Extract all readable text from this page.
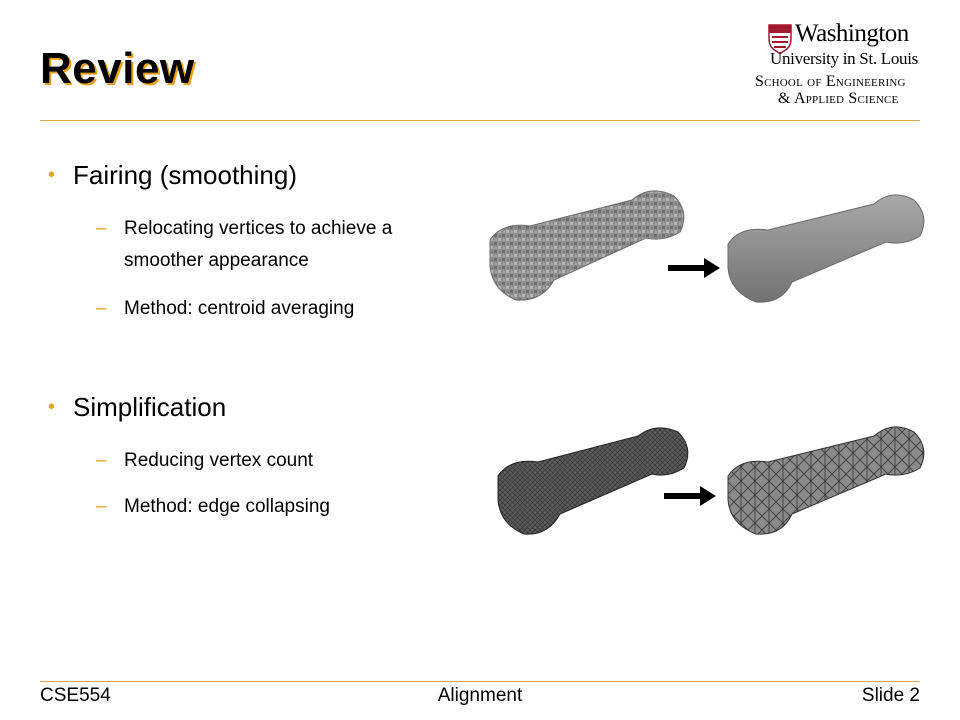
Review
Washington
University in St. Louis
School of Engineering
& Applied Science
• Fairing (smoothing)
– Relocating vertices to achieve a smoother appearance
– Method: centroid averaging
• Simplification
– Reducing vertex count
– Method: edge collapsing
CSE554	Alignment	Slide 2
